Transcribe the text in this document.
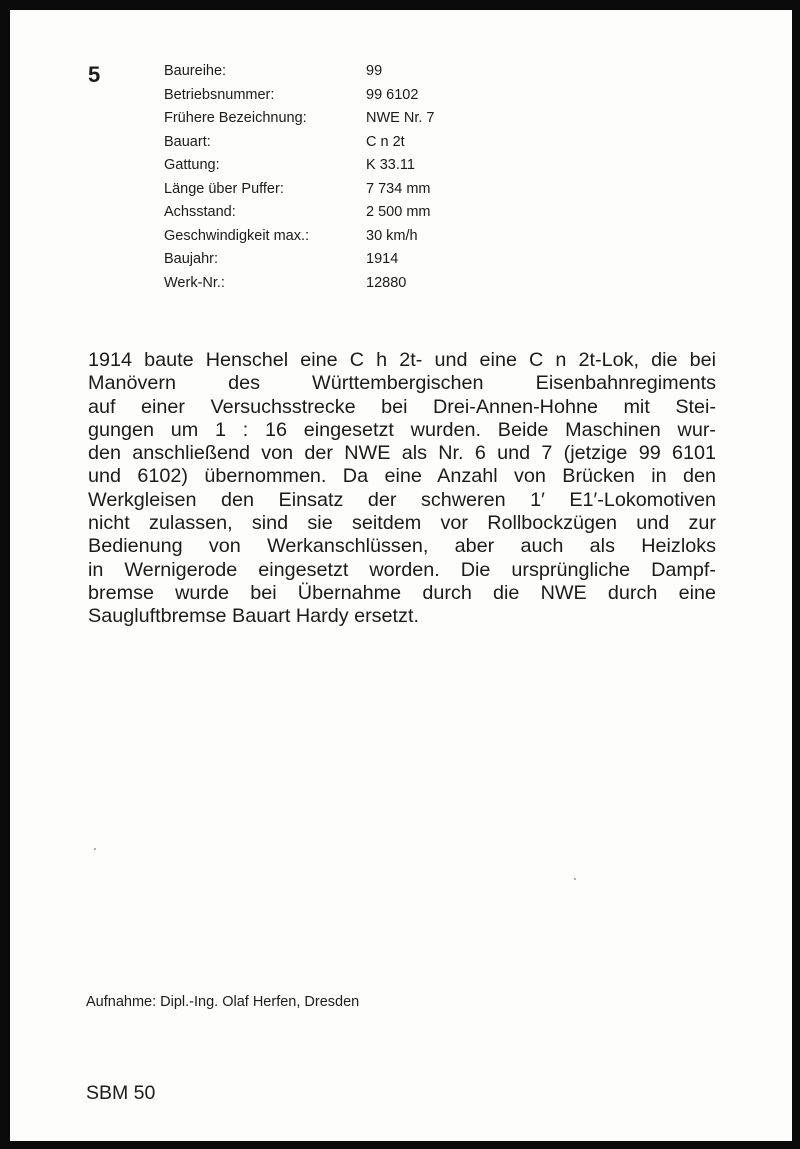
5	Baureihe:	99
Betriebsnummer:	99 6102
Frühere Bezeichnung:	NWE Nr. 7
Bauart:	C n 2t
Gattung:	K 33.11
Länge über Puffer:	7 734 mm
Achsstand:	2 500 mm
Geschwindigkeit max.:	30 km/h
Baujahr:	1914
Werk-Nr.:	12880

1914 baute Henschel eine C h 2t- und eine C n 2t-Lok, die bei
Manövern des Württembergischen Eisenbahnregiments
auf einer Versuchsstrecke bei Drei-Annen-Hohne mit Stei-
gungen um 1 : 16 eingesetzt wurden. Beide Maschinen wur-
den anschließend von der NWE als Nr. 6 und 7 (jetzige 99 6101
und 6102) übernommen. Da eine Anzahl von Brücken in den
Werkgleisen den Einsatz der schweren 1′ E1′-Lokomotiven
nicht zulassen, sind sie seitdem vor Rollbockzügen und zur
Bedienung von Werkanschlüssen, aber auch als Heizloks
in Wernigerode eingesetzt worden. Die ursprüngliche Dampf-
bremse wurde bei Übernahme durch die NWE durch eine
Saugluftbremse Bauart Hardy ersetzt.

Aufnahme: Dipl.-Ing. Olaf Herfen, Dresden
SBM 50
